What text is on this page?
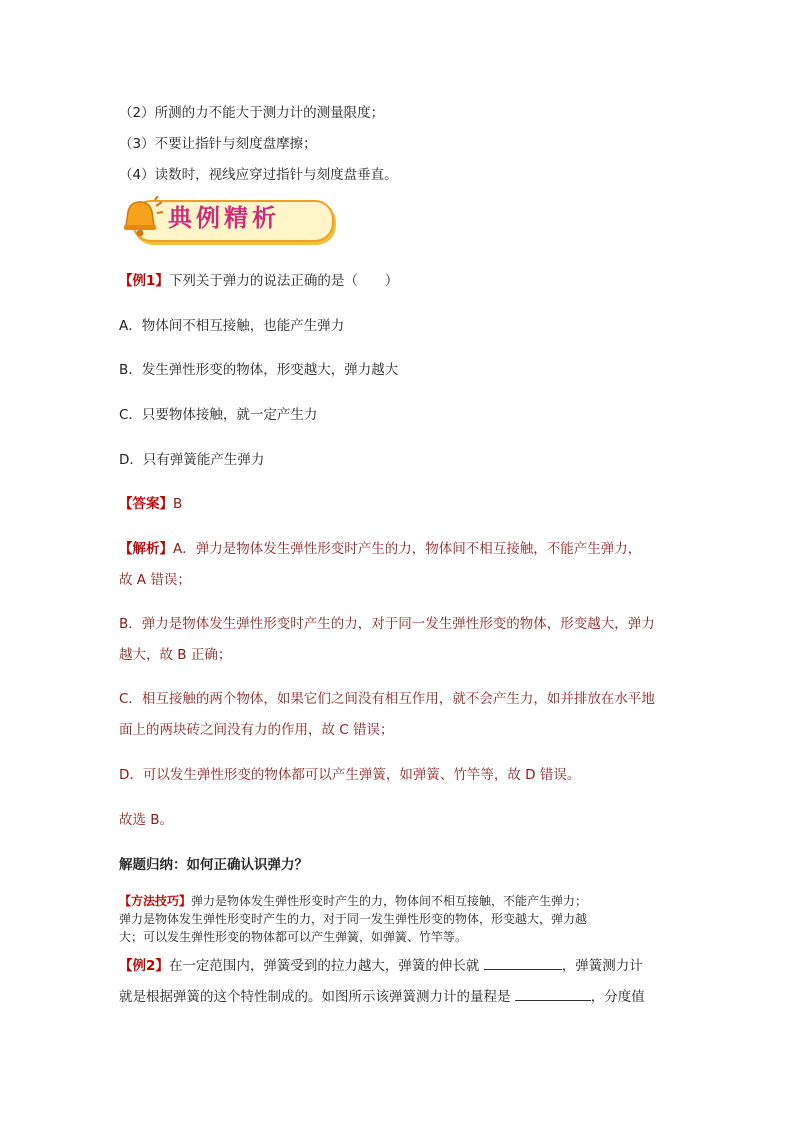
（2）所测的力不能大于测力计的测量限度；
（3）不要让指针与刻度盘摩擦；
（4）读数时，视线应穿过指针与刻度盘垂直。
典例精析
【例1】下列关于弹力的说法正确的是（　　）
A．物体间不相互接触，也能产生弹力
B．发生弹性形变的物体，形变越大，弹力越大
C．只要物体接触，就一定产生力
D．只有弹簧能产生弹力
【答案】B
【解析】A．弹力是物体发生弹性形变时产生的力，物体间不相互接触，不能产生弹力，
故 A 错误；
B．弹力是物体发生弹性形变时产生的力，对于同一发生弹性形变的物体，形变越大，弹力
越大，故 B 正确；
C．相互接触的两个物体，如果它们之间没有相互作用，就不会产生力，如并排放在水平地
面上的两块砖之间没有力的作用，故 C 错误；
D．可以发生弹性形变的物体都可以产生弹簧，如弹簧、竹竿等，故 D 错误。
故选 B。
解题归纳：如何正确认识弹力？
【方法技巧】弹力是物体发生弹性形变时产生的力，物体间不相互接触，不能产生弹力；
弹力是物体发生弹性形变时产生的力，对于同一发生弹性形变的物体，形变越大，弹力越
大；可以发生弹性形变的物体都可以产生弹簧，如弹簧、竹竿等。
【例2】在一定范围内，弹簧受到的拉力越大，弹簧的伸长就	，弹簧测力计
就是根据弹簧的这个特性制成的。如图所示该弹簧测力计的量程是	，分度值
